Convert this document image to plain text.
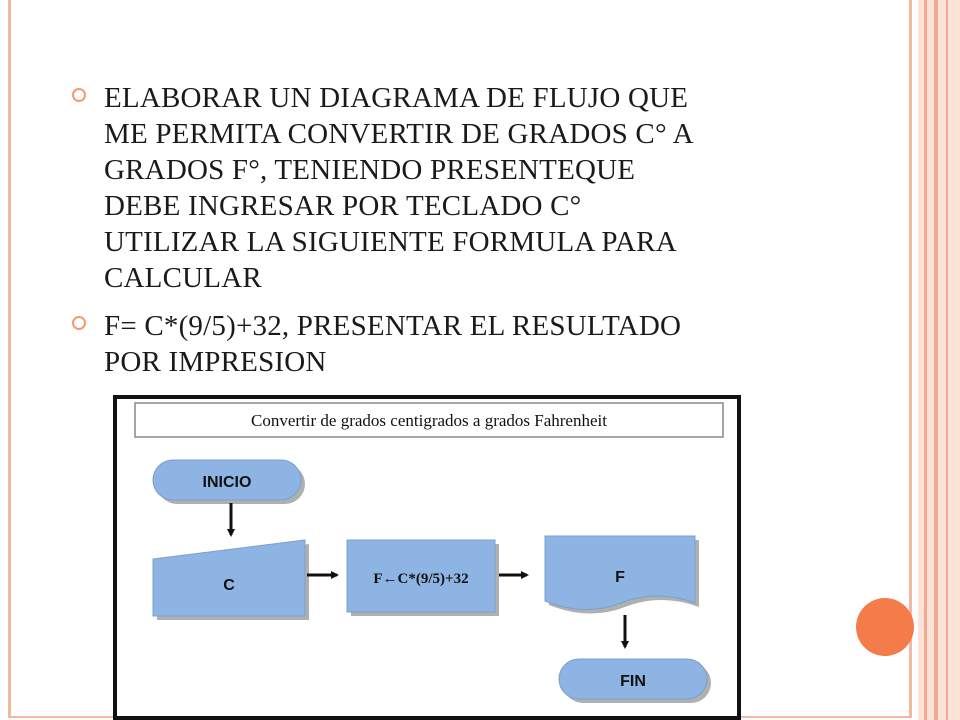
ELABORAR UN DIAGRAMA DE FLUJO QUE
ME PERMITA CONVERTIR DE GRADOS C° A
GRADOS F°, TENIENDO PRESENTEQUE
DEBE INGRESAR POR TECLADO C°
UTILIZAR LA SIGUIENTE FORMULA PARA
CALCULAR
F= C*(9/5)+32, PRESENTAR EL RESULTADO
POR IMPRESION
Convertir de grados centigrados a grados Fahrenheit
INICIO
C	F←C*(9/5)+32	F
FIN
